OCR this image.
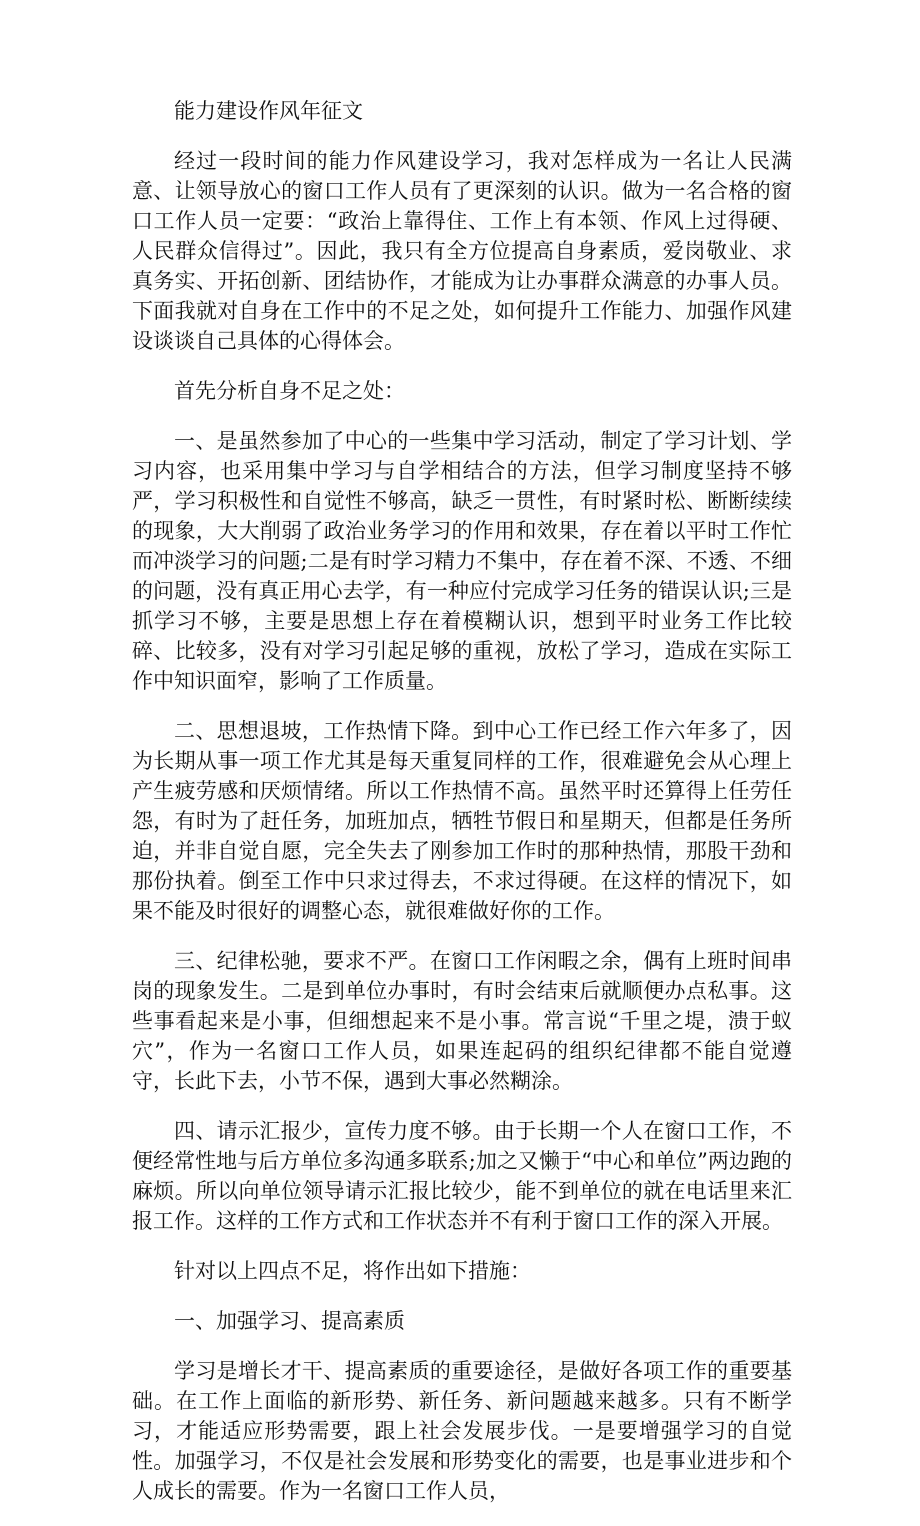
能力建设作风年征文

经过一段时间的能力作风建设学习，我对怎样成为一名让人民满意、让领导放心的窗口工作人员有了更深刻的认识。做为一名合格的窗口工作人员一定要：“政治上靠得住、工作上有本领、作风上过得硬、人民群众信得过”。因此，我只有全方位提高自身素质，爱岗敬业、求真务实、开拓创新、团结协作，才能成为让办事群众满意的办事人员。下面我就对自身在工作中的不足之处，如何提升工作能力、加强作风建设谈谈自己具体的心得体会。

首先分析自身不足之处：

一、是虽然参加了中心的一些集中学习活动，制定了学习计划、学习内容，也采用集中学习与自学相结合的方法，但学习制度坚持不够严，学习积极性和自觉性不够高，缺乏一贯性，有时紧时松、断断续续的现象，大大削弱了政治业务学习的作用和效果，存在着以平时工作忙而冲淡学习的问题;二是有时学习精力不集中，存在着不深、不透、不细的问题，没有真正用心去学，有一种应付完成学习任务的错误认识;三是抓学习不够，主要是思想上存在着模糊认识，想到平时业务工作比较碎、比较多，没有对学习引起足够的重视，放松了学习，造成在实际工作中知识面窄，影响了工作质量。

二、思想退坡，工作热情下降。到中心工作已经工作六年多了，因为长期从事一项工作尤其是每天重复同样的工作，很难避免会从心理上产生疲劳感和厌烦情绪。所以工作热情不高。虽然平时还算得上任劳任怨，有时为了赶任务，加班加点，牺牲节假日和星期天，但都是任务所迫，并非自觉自愿，完全失去了刚参加工作时的那种热情，那股干劲和那份执着。倒至工作中只求过得去，不求过得硬。在这样的情况下，如果不能及时很好的调整心态，就很难做好你的工作。

三、纪律松驰，要求不严。在窗口工作闲暇之余，偶有上班时间串岗的现象发生。二是到单位办事时，有时会结束后就顺便办点私事。这些事看起来是小事，但细想起来不是小事。常言说“千里之堤，溃于蚁穴”，作为一名窗口工作人员，如果连起码的组织纪律都不能自觉遵守，长此下去，小节不保，遇到大事必然糊涂。

四、请示汇报少，宣传力度不够。由于长期一个人在窗口工作，不便经常性地与后方单位多沟通多联系;加之又懒于“中心和单位”两边跑的麻烦。所以向单位领导请示汇报比较少，能不到单位的就在电话里来汇报工作。这样的工作方式和工作状态并不有利于窗口工作的深入开展。

针对以上四点不足，将作出如下措施：

一、加强学习、提高素质

学习是增长才干、提高素质的重要途径，是做好各项工作的重要基础。在工作上面临的新形势、新任务、新问题越来越多。只有不断学习，才能适应形势需要，跟上社会发展步伐。一是要增强学习的自觉性。加强学习，不仅是社会发展和形势变化的需要，也是事业进步和个人成长的需要。作为一名窗口工作人员，
